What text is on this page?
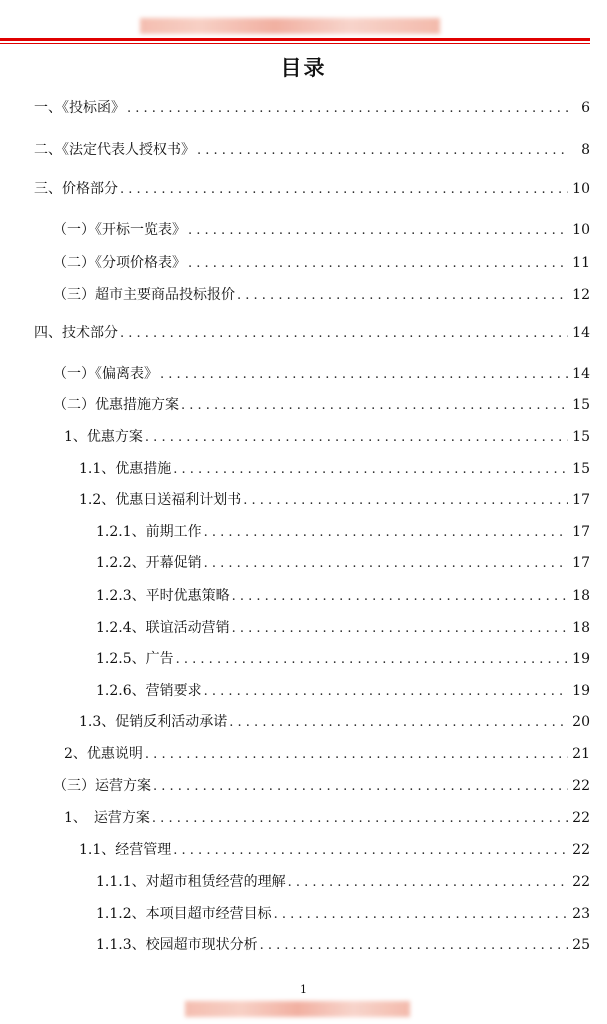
目录
一、《投标函》 . . .	6
二、《法定代表人授权书》 . . .	8
三、价格部分 . . .	10
（一）《开标一览表》 . . .	10
（二）《分项价格表》 . . .	11
（三）超市主要商品投标报价 . . .	12
四、技术部分 . . .	14
（一）《偏离表》 . . .	14
（二）优惠措施方案 . . .	15
1、优惠方案 . . .	15
1.1、优惠措施 . . .	15
1.2、优惠日送福利计划书 . . .	17
1.2.1、前期工作 . . .	17
1.2.2、开幕促销 . . .	17
1.2.3、平时优惠策略 . . .	18
1.2.4、联谊活动营销 . . .	18
1.2.5、广告 . . .	19
1.2.6、营销要求 . . .	19
1.3、促销反利活动承诺 . . .	20
2、优惠说明 . . .	21
（三）运营方案 . . .	22
1、　运营方案 . . .	22
1.1、经营管理 . . .	22
1.1.1、对超市租赁经营的理解 . . .	22
1.1.2、本项目超市经营目标 . . .	23
1.1.3、校园超市现状分析 . . .	25
1
